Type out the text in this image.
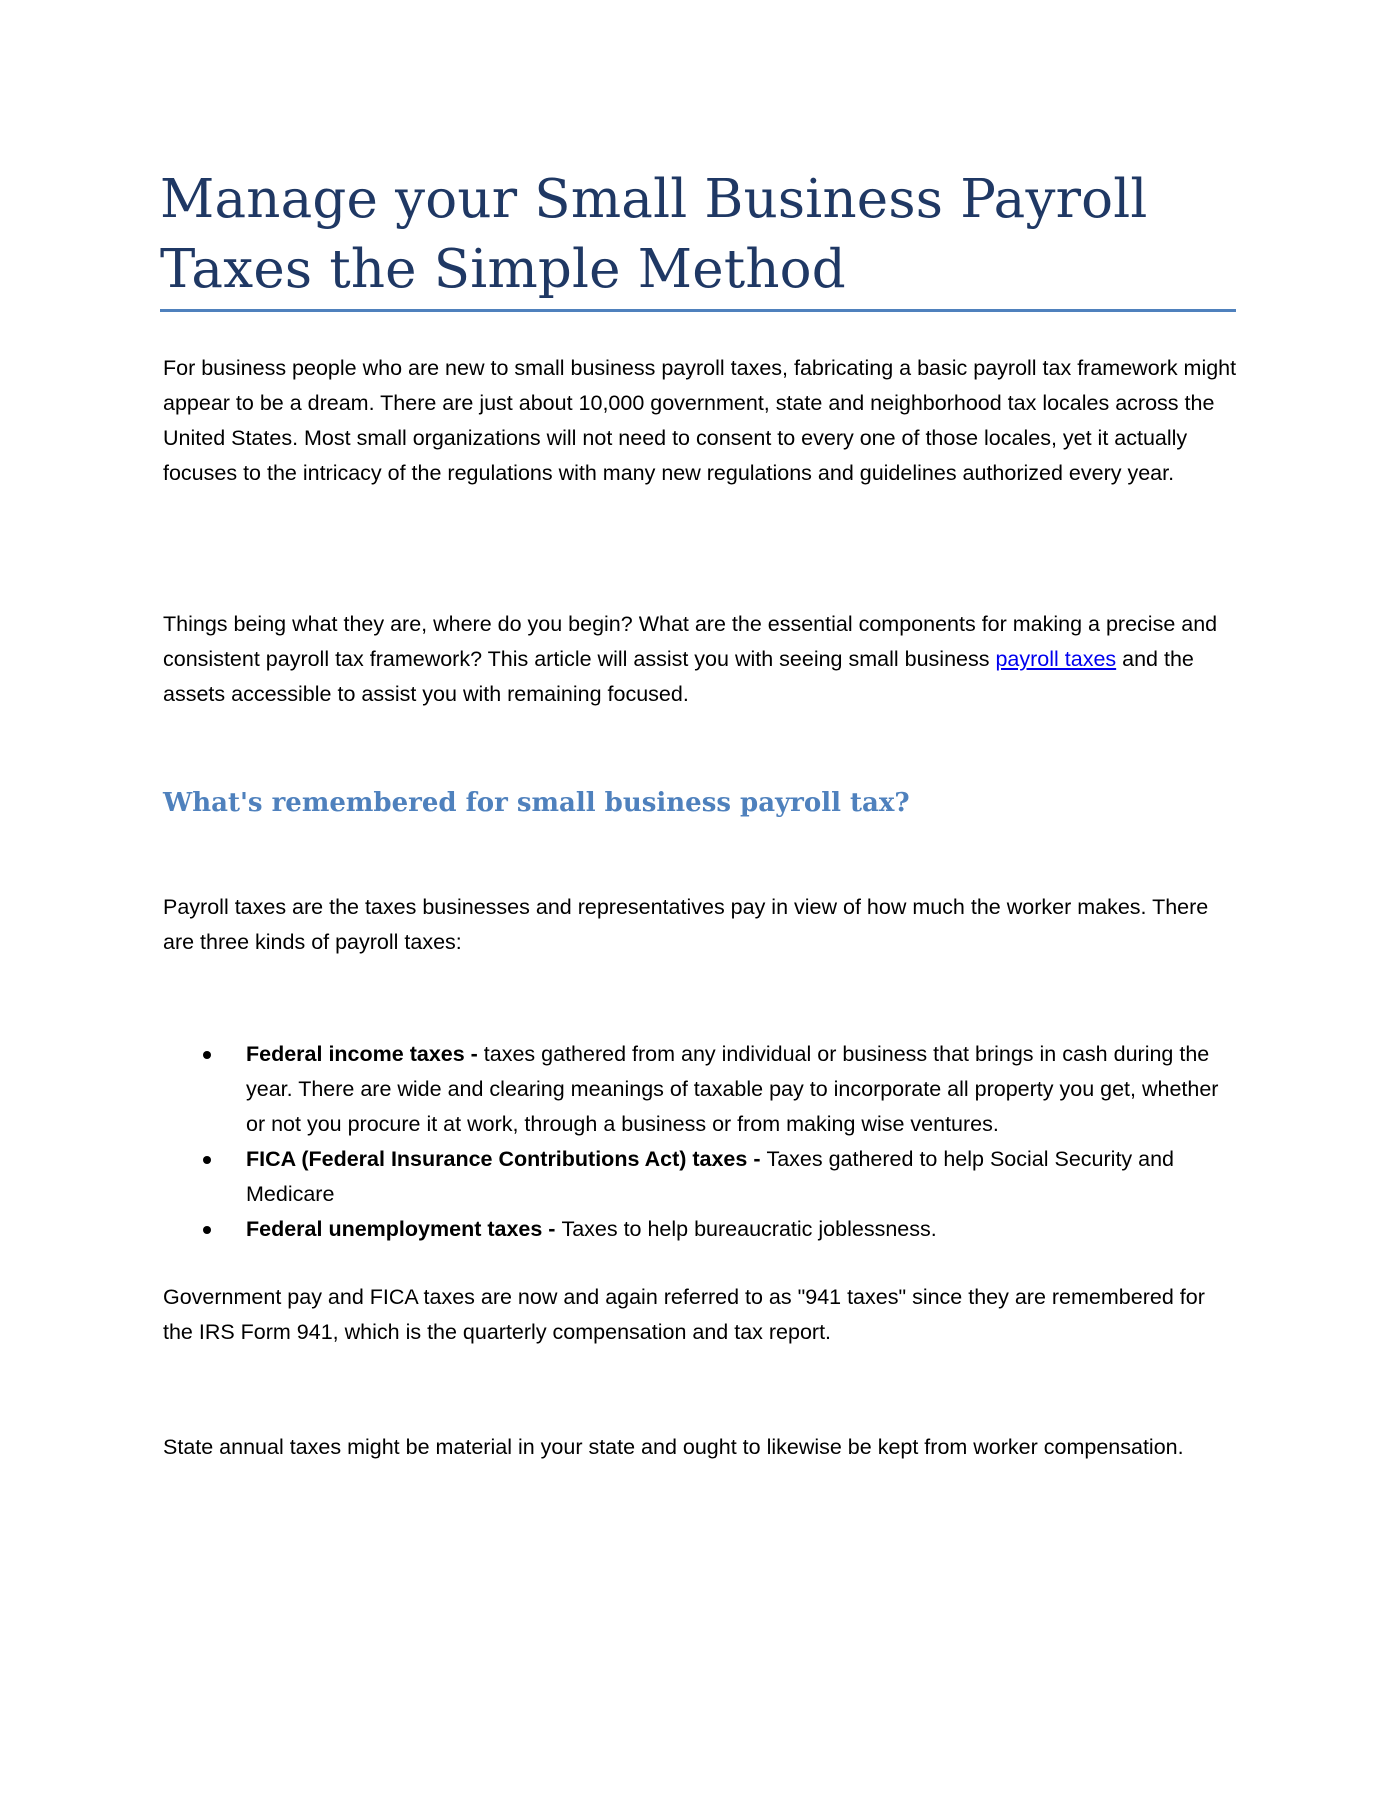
Manage your Small Business Payroll
Taxes the Simple Method

For business people who are new to small business payroll taxes, fabricating a basic payroll tax framework might appear to be a dream. There are just about 10,000 government, state and neighborhood tax locales across the United States. Most small organizations will not need to consent to every one of those locales, yet it actually focuses to the intricacy of the regulations with many new regulations and guidelines authorized every year.

Things being what they are, where do you begin? What are the essential components for making a precise and consistent payroll tax framework? This article will assist you with seeing small business payroll taxes and the assets accessible to assist you with remaining focused.

What's remembered for small business payroll tax?

Payroll taxes are the taxes businesses and representatives pay in view of how much the worker makes. There are three kinds of payroll taxes:

Federal income taxes - taxes gathered from any individual or business that brings in cash during the year. There are wide and clearing meanings of taxable pay to incorporate all property you get, whether or not you procure it at work, through a business or from making wise ventures.
FICA (Federal Insurance Contributions Act) taxes - Taxes gathered to help Social Security and Medicare
Federal unemployment taxes - Taxes to help bureaucratic joblessness.

Government pay and FICA taxes are now and again referred to as "941 taxes" since they are remembered for the IRS Form 941, which is the quarterly compensation and tax report.

State annual taxes might be material in your state and ought to likewise be kept from worker compensation.
